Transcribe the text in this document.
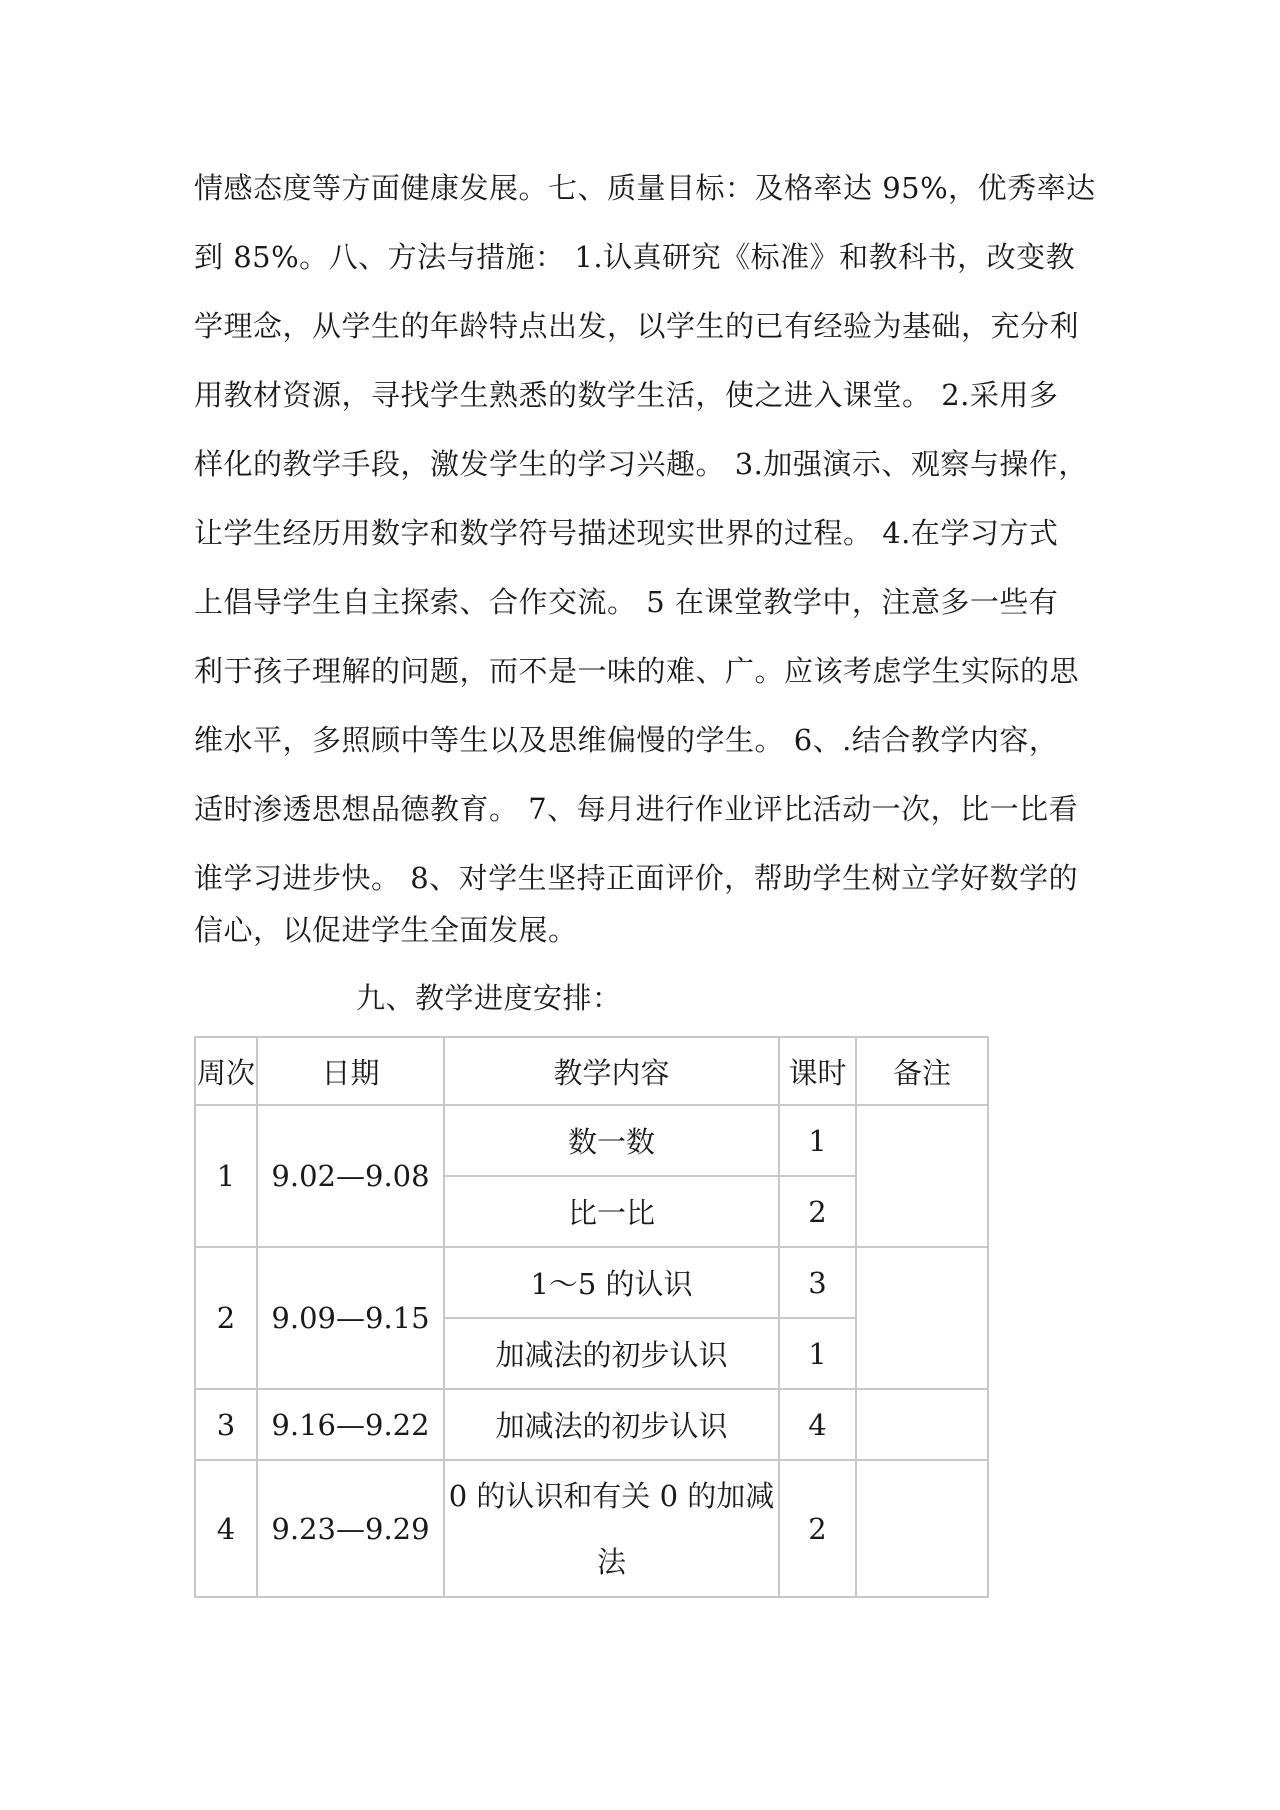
情感态度等方面健康发展。七、质量目标：及格率达 95%，优秀率达
到 85%。八、方法与措施： 1.认真研究《标准》和教科书，改变教
学理念，从学生的年龄特点出发，以学生的已有经验为基础，充分利
用教材资源，寻找学生熟悉的数学生活，使之进入课堂。 2.采用多
样化的教学手段，激发学生的学习兴趣。 3.加强演示、观察与操作，
让学生经历用数字和数学符号描述现实世界的过程。 4.在学习方式
上倡导学生自主探索、合作交流。 5 在课堂教学中，注意多一些有
利于孩子理解的问题，而不是一味的难、广。应该考虑学生实际的思
维水平，多照顾中等生以及思维偏慢的学生。 6、.结合教学内容，
适时渗透思想品德教育。 7、每月进行作业评比活动一次，比一比看
谁学习进步快。 8、对学生坚持正面评价，帮助学生树立学好数学的
信心，以促进学生全面发展。
九、教学进度安排：
周次	日期	教学内容	课时	备注
1	9.02—9.08	数一数	1	
		比一比	2	
2	9.09—9.15	1～5 的认识	3	
		加减法的初步认识	1	
3	9.16—9.22	加减法的初步认识	4	
4	9.23—9.29	0 的认识和有关 0 的加减法	2	
